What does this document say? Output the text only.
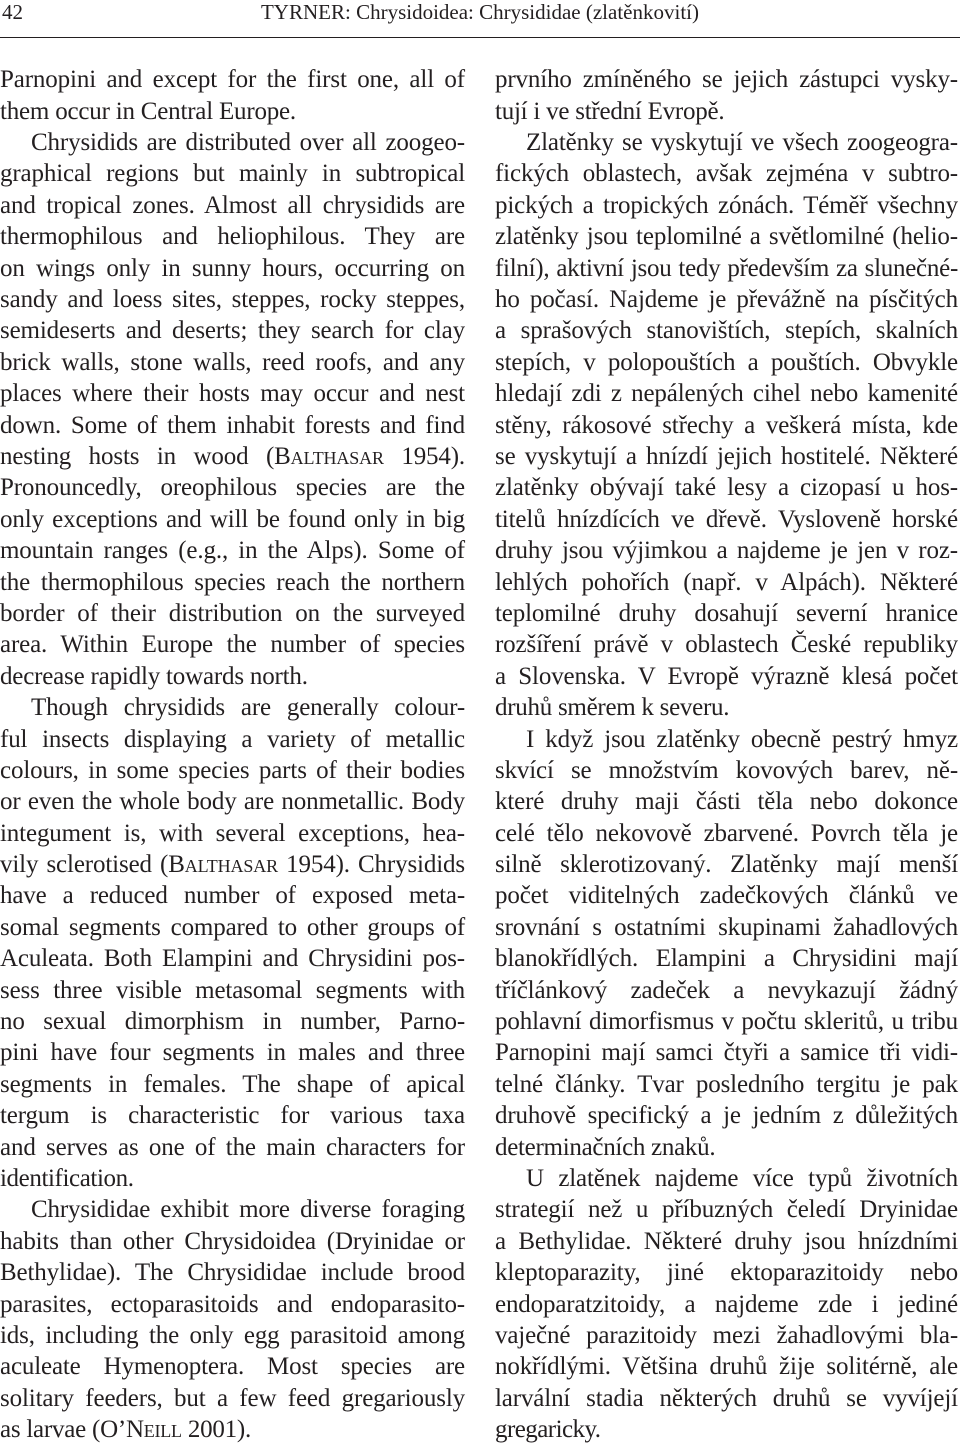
42	TYRNER: Chrysidoidea: Chrysididae (zlatěnkovití)
Parnopini and except for the first one, all of
them occur in Central Europe.
Chrysidids are distributed over all zoogeo-
graphical regions but mainly in subtropical
and tropical zones. Almost all chrysidids are
thermophilous and heliophilous. They are
on wings only in sunny hours, occurring on
sandy and loess sites, steppes, rocky steppes,
semideserts and deserts; they search for clay
brick walls, stone walls, reed roofs, and any
places where their hosts may occur and nest
down. Some of them inhabit forests and find
nesting hosts in wood (Balthasar 1954).
Pronouncedly, oreophilous species are the
only exceptions and will be found only in big
mountain ranges (e.g., in the Alps). Some of
the thermophilous species reach the northern
border of their distribution on the surveyed
area. Within Europe the number of species
decrease rapidly towards north.
Though chrysidids are generally colour-
ful insects displaying a variety of metallic
colours, in some species parts of their bodies
or even the whole body are nonmetallic. Body
integument is, with several exceptions, hea-
vily sclerotised (Balthasar 1954). Chrysidids
have a reduced number of exposed meta-
somal segments compared to other groups of
Aculeata. Both Elampini and Chrysidini pos-
sess three visible metasomal segments with
no sexual dimorphism in number, Parno-
pini have four segments in males and three
segments in females. The shape of apical
tergum is characteristic for various taxa
and serves as one of the main characters for
identification.
Chrysididae exhibit more diverse foraging
habits than other Chrysidoidea (Dryinidae or
Bethylidae). The Chrysididae include brood
parasites, ectoparasitoids and endoparasito-
ids, including the only egg parasitoid among
aculeate Hymenoptera. Most species are
solitary feeders, but a few feed gregariously
as larvae (O’Neill 2001).
prvního zmíněného se jejich zástupci vysky-
tují i ve střední Evropě.
Zlatěnky se vyskytují ve všech zoogeogra-
fických oblastech, avšak zejména v subtro-
pických a tropických zónách. Téměř všechny
zlatěnky jsou teplomilné a světlomilné (helio-
filní), aktivní jsou tedy především za slunečné-
ho počasí. Najdeme je převážně na písčitých
a sprašových stanovištích, stepích, skalních
stepích, v polopouštích a pouštích. Obvykle
hledají zdi z nepálených cihel nebo kamenité
stěny, rákosové střechy a veškerá místa, kde
se vyskytují a hnízdí jejich hostitelé. Některé
zlatěnky obývají také lesy a cizopasí u hos-
titelů hnízdících ve dřevě. Vysloveně horské
druhy jsou výjimkou a najdeme je jen v roz-
lehlých pohořích (např. v Alpách). Některé
teplomilné druhy dosahují severní hranice
rozšíření právě v oblastech České republiky
a Slovenska. V Evropě výrazně klesá počet
druhů směrem k severu.
I když jsou zlatěnky obecně pestrý hmyz
skvící se množstvím kovových barev, ně-
které druhy maji části těla nebo dokonce
celé tělo nekovově zbarvené. Povrch těla je
silně sklerotizovaný. Zlatěnky mají menší
počet viditelných zadečkových článků ve
srovnání s ostatními skupinami žahadlových
blanokřídlých. Elampini a Chrysidini mají
tříčlánkový zadeček a nevykazují žádný
pohlavní dimorfismus v počtu skleritů, u tribu
Parnopini mají samci čtyři a samice tři vidi-
telné články. Tvar posledního tergitu je pak
druhově specifický a je jedním z důležitých
determinačních znaků.
U zlatěnek najdeme více typů životních
strategií než u příbuzných čeledí Dryinidae
a Bethylidae. Některé druhy jsou hnízdními
kleptoparazity, jiné ektoparazitoidy nebo
endoparatzitoidy, a najdeme zde i jediné
vaječné parazitoidy mezi žahadlovými bla-
nokřídlými. Většina druhů žije solitérně, ale
larvální stadia některých druhů se vyvíjejí
gregaricky.
